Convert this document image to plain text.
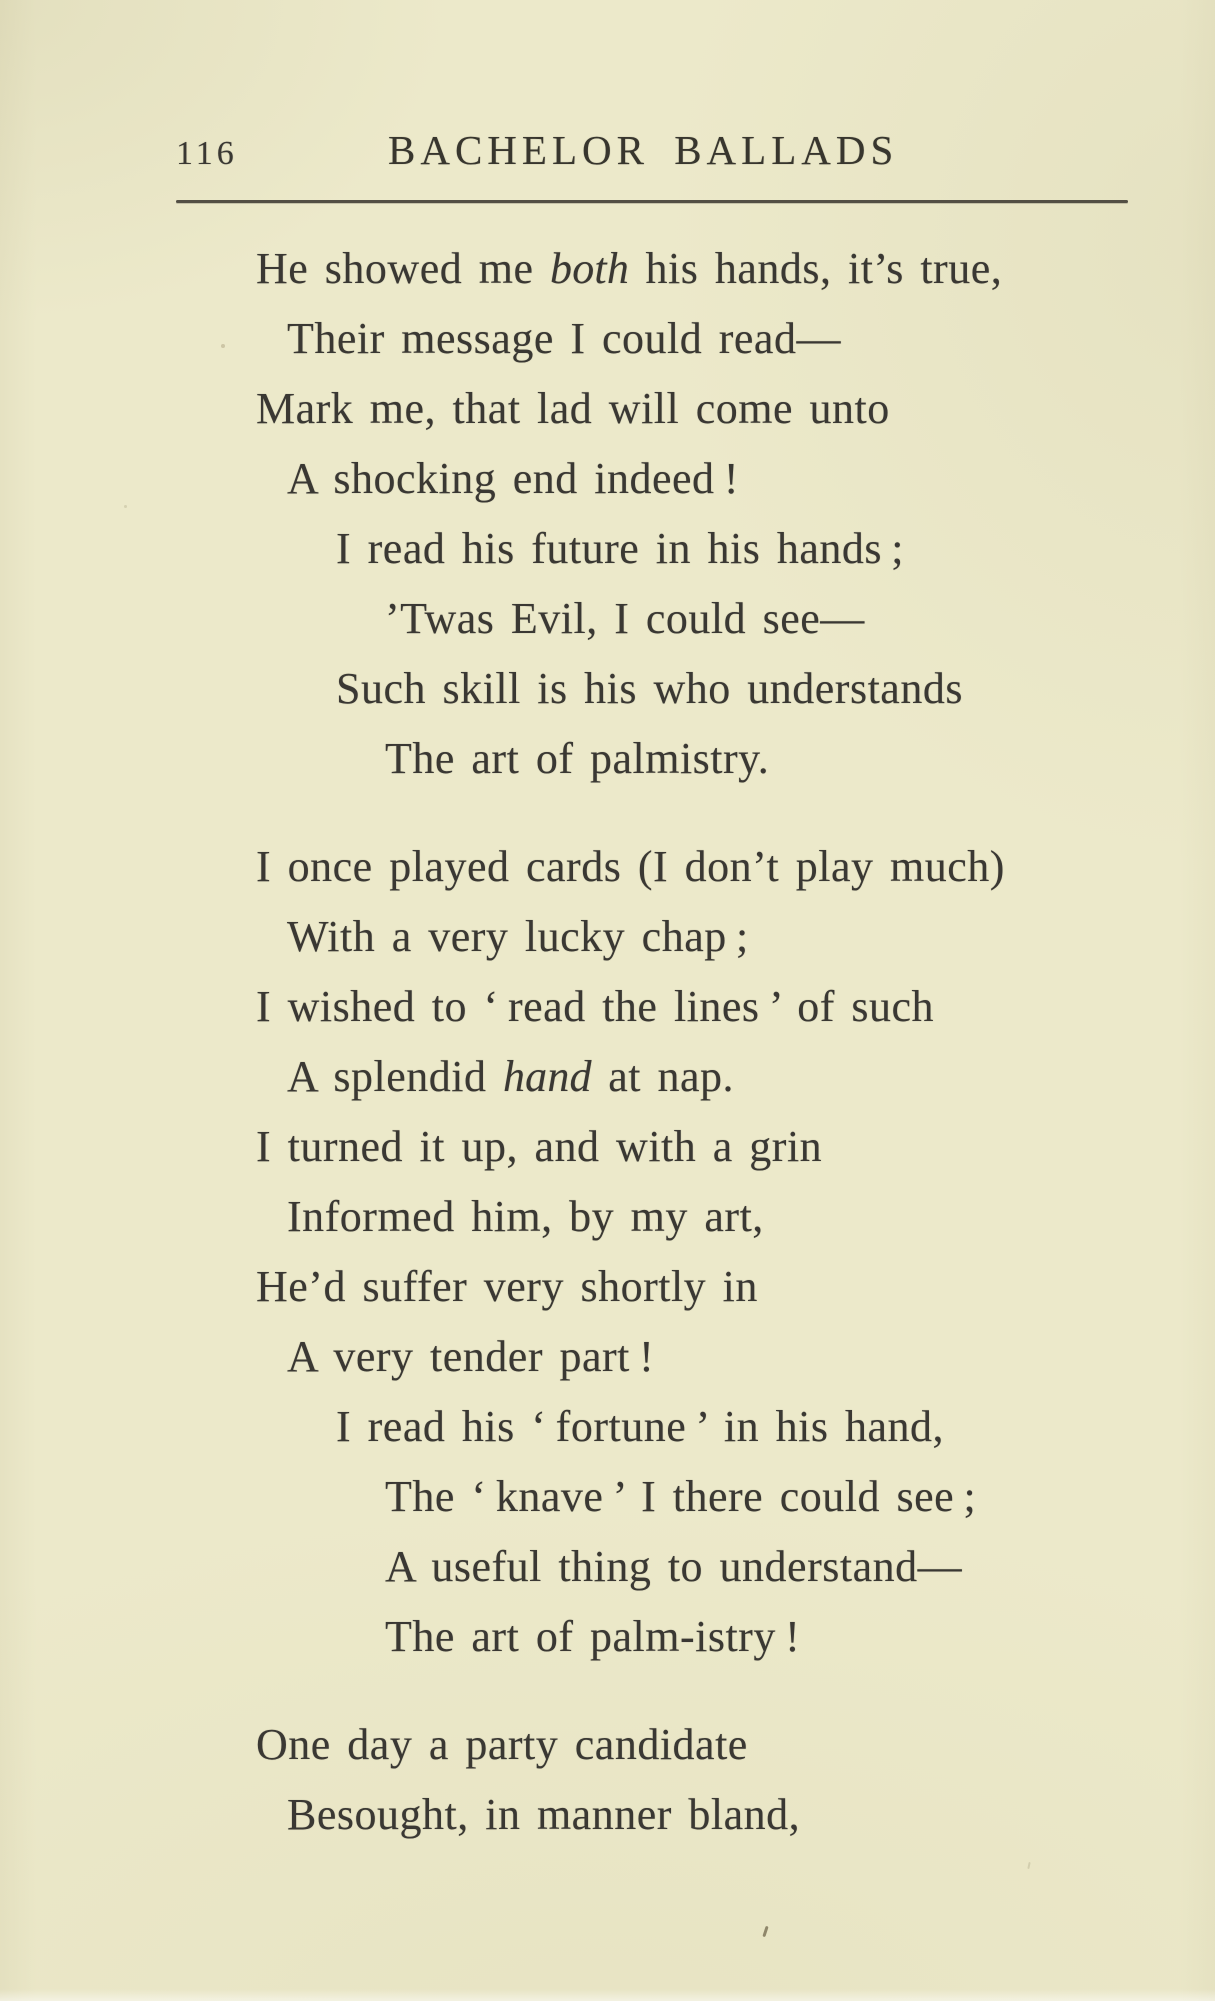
116	BACHELOR BALLADS
He showed me both his hands, it’s true,
Their message I could read—
Mark me, that lad will come unto
A shocking end indeed !
I read his future in his hands ;
’Twas Evil, I could see—
Such skill is his who understands
The art of palmistry.
I once played cards (I don’t play much)
With a very lucky chap ;
I wished to ‘ read the lines ’ of such
A splendid hand at nap.
I turned it up, and with a grin
Informed him, by my art,
He’d suffer very shortly in
A very tender part !
I read his ‘ fortune ’ in his hand,
The ‘ knave ’ I there could see ;
A useful thing to understand—
The art of palm-istry !
One day a party candidate
Besought, in manner bland,
